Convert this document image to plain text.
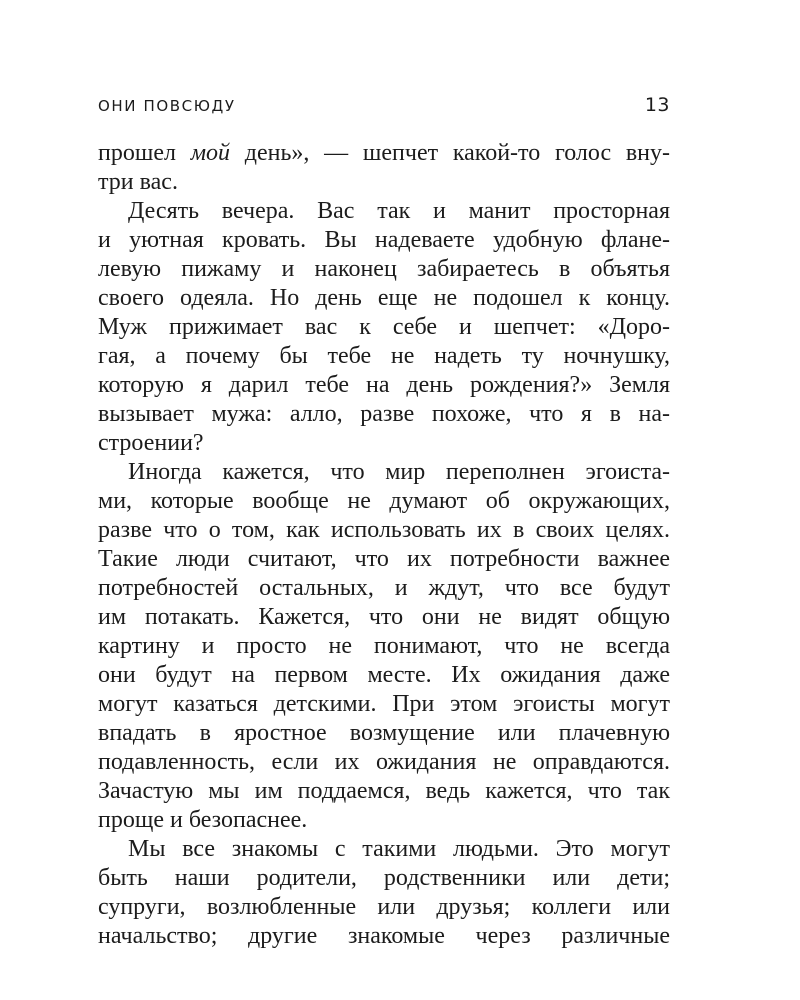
ОНИ ПОВСЮДУ	13

прошел мой день», — шепчет какой-то голос вну-
три вас.

Десять вечера. Вас так и манит просторная
и уютная кровать. Вы надеваете удобную флане-
левую пижаму и наконец забираетесь в объятья
своего одеяла. Но день еще не подошел к концу.
Муж прижимает вас к себе и шепчет: «Доро-
гая, а почему бы тебе не надеть ту ночнушку,
которую я дарил тебе на день рождения?» Земля
вызывает мужа: алло, разве похоже, что я в на-
строении?

Иногда кажется, что мир переполнен эгоиста-
ми, которые вообще не думают об окружающих,
разве что о том, как использовать их в своих целях.
Такие люди считают, что их потребности важнее
потребностей остальных, и ждут, что все будут
им потакать. Кажется, что они не видят общую
картину и просто не понимают, что не всегда
они будут на первом месте. Их ожидания даже
могут казаться детскими. При этом эгоисты могут
впадать в яростное возмущение или плачевную
подавленность, если их ожидания не оправдаются.
Зачастую мы им поддаемся, ведь кажется, что так
проще и безопаснее.

Мы все знакомы с такими людьми. Это могут
быть наши родители, родственники или дети;
супруги, возлюбленные или друзья; коллеги или
начальство; другие знакомые через различные
